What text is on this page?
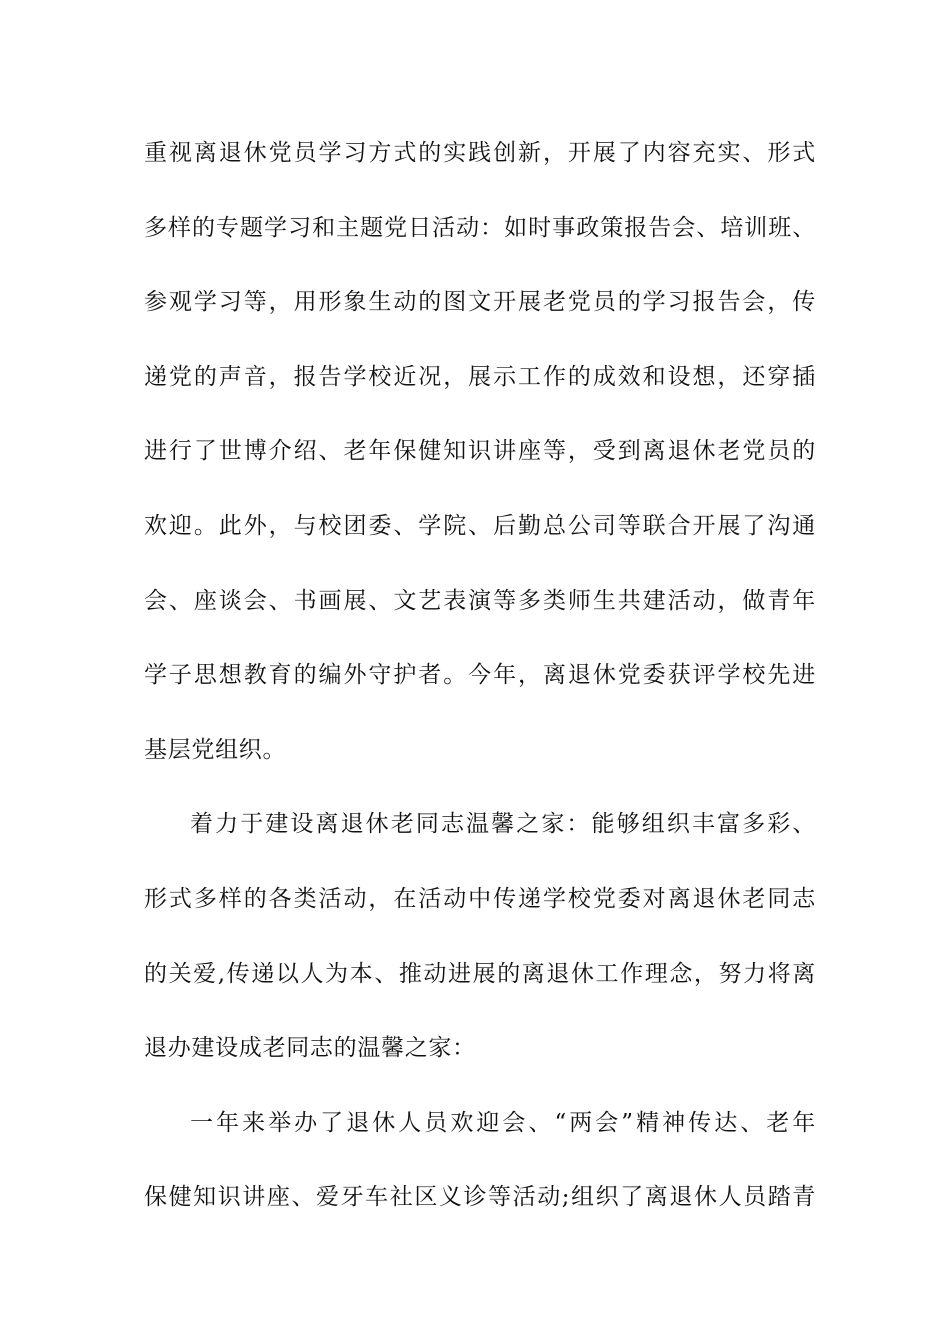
重视离退休党员学习方式的实践创新，开展了内容充实、形式
多样的专题学习和主题党日活动：如时事政策报告会、培训班、
参观学习等，用形象生动的图文开展老党员的学习报告会，传
递党的声音，报告学校近况，展示工作的成效和设想，还穿插
进行了世博介绍、老年保健知识讲座等，受到离退休老党员的
欢迎。此外，与校团委、学院、后勤总公司等联合开展了沟通
会、座谈会、书画展、文艺表演等多类师生共建活动，做青年
学子思想教育的编外守护者。今年，离退休党委获评学校先进
基层党组织。
着力于建设离退休老同志温馨之家：能够组织丰富多彩、
形式多样的各类活动，在活动中传递学校党委对离退休老同志
的关爱,传递以人为本、推动进展的离退休工作理念，努力将离
退办建设成老同志的温馨之家：
一年来举办了退休人员欢迎会、“两会”精神传达、老年
保健知识讲座、爱牙车社区义诊等活动;组织了离退休人员踏青
